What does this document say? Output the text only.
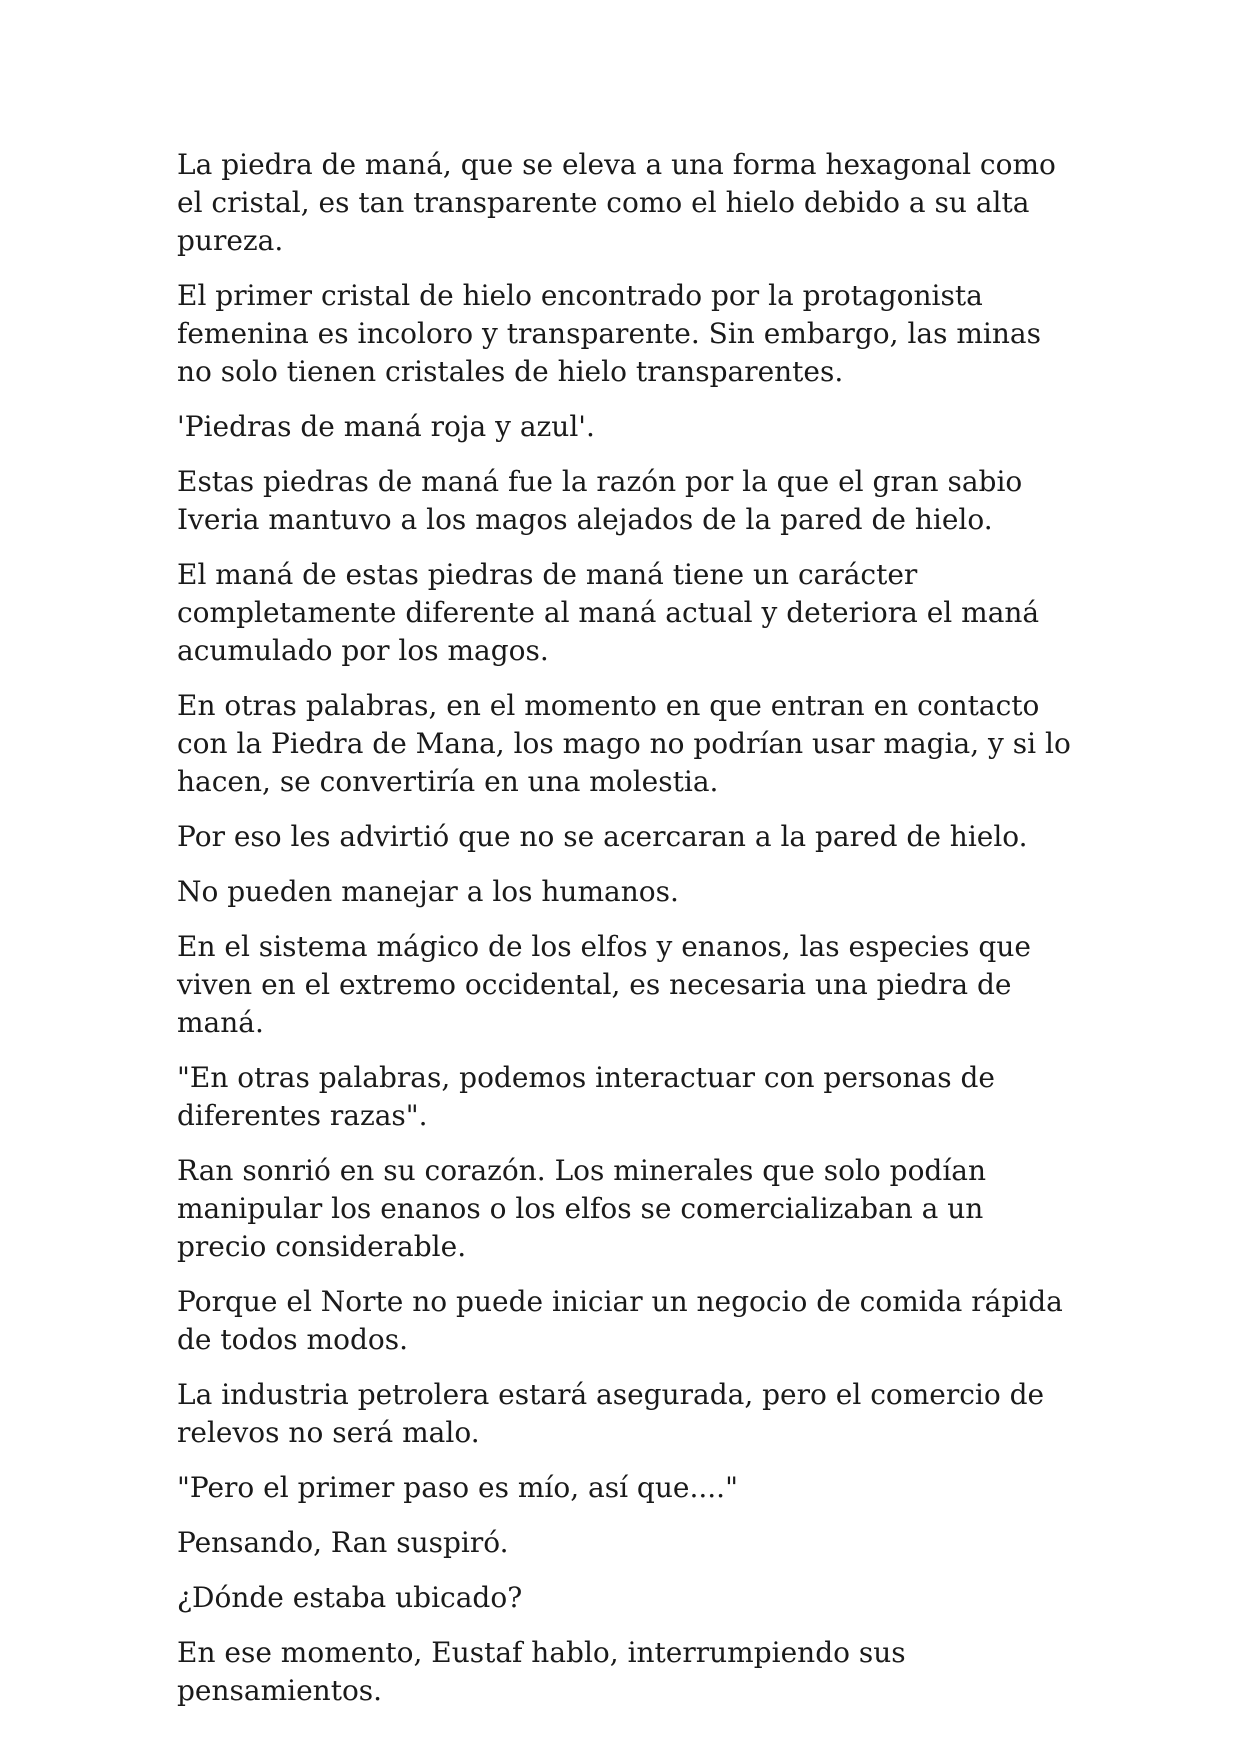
La piedra de maná, que se eleva a una forma hexagonal como el cristal, es tan transparente como el hielo debido a su alta pureza.

El primer cristal de hielo encontrado por la protagonista femenina es incoloro y transparente. Sin embargo, las minas no solo tienen cristales de hielo transparentes.

'Piedras de maná roja y azul'.

Estas piedras de maná fue la razón por la que el gran sabio Iveria mantuvo a los magos alejados de la pared de hielo.

El maná de estas piedras de maná tiene un carácter completamente diferente al maná actual y deteriora el maná acumulado por los magos.

En otras palabras, en el momento en que entran en contacto con la Piedra de Mana, los mago no podrían usar magia, y si lo hacen, se convertiría en una molestia.

Por eso les advirtió que no se acercaran a la pared de hielo.

No pueden manejar a los humanos.

En el sistema mágico de los elfos y enanos, las especies que viven en el extremo occidental, es necesaria una piedra de maná.

"En otras palabras, podemos interactuar con personas de diferentes razas".

Ran sonrió en su corazón. Los minerales que solo podían manipular los enanos o los elfos se comercializaban a un precio considerable.

Porque el Norte no puede iniciar un negocio de comida rápida de todos modos.

La industria petrolera estará asegurada, pero el comercio de relevos no será malo.

"Pero el primer paso es mío, así que...."

Pensando, Ran suspiró.

¿Dónde estaba ubicado?

En ese momento, Eustaf hablo, interrumpiendo sus pensamientos.
